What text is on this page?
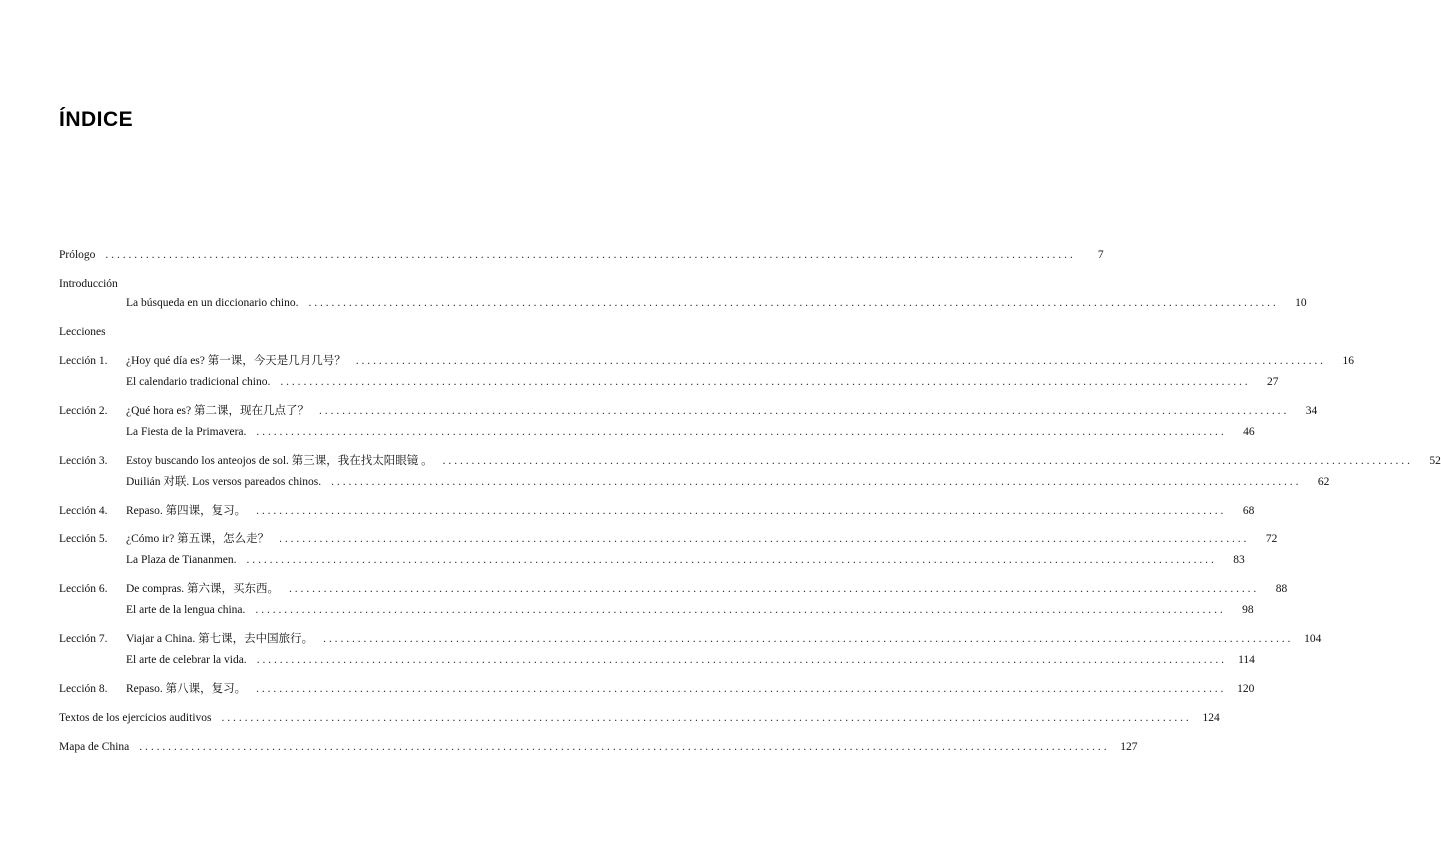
ÍNDICE
Prólogo ........................................................................................................................................................................	7
Introducción
La búsqueda en un diccionario chino. ........................................................................................................................................................................	10
Lecciones
Lección 1. ¿Hoy qué día es? 第一课，今天是几月几号？ ........................................................................................................................................................................	16
El calendario tradicional chino. ........................................................................................................................................................................	27
Lección 2. ¿Qué hora es? 第二课，现在几点了？ ........................................................................................................................................................................	34
La Fiesta de la Primavera. ........................................................................................................................................................................	46
Lección 3. Estoy buscando los anteojos de sol. 第三课，我在找太阳眼镜 。 ........................................................................................................................................................................	52
Duilián 对联. Los versos pareados chinos. ........................................................................................................................................................................	62
Lección 4. Repaso. 第四课，复习。 ........................................................................................................................................................................	68
Lección 5. ¿Cómo ir? 第五课，怎么走？ ........................................................................................................................................................................	72
La Plaza de Tiananmen. ........................................................................................................................................................................	83
Lección 6. De compras. 第六课，买东西。 ........................................................................................................................................................................	88
El arte de la lengua china. ........................................................................................................................................................................	98
Lección 7. Viajar a China. 第七课，去中国旅行。 ........................................................................................................................................................................ 104
El arte de celebrar la vida. ........................................................................................................................................................................ 114
Lección 8. Repaso. 第八课，复习。 ........................................................................................................................................................................ 120
Textos de los ejercicios auditivos ........................................................................................................................................................................ 124
Mapa de China ........................................................................................................................................................................ 127
